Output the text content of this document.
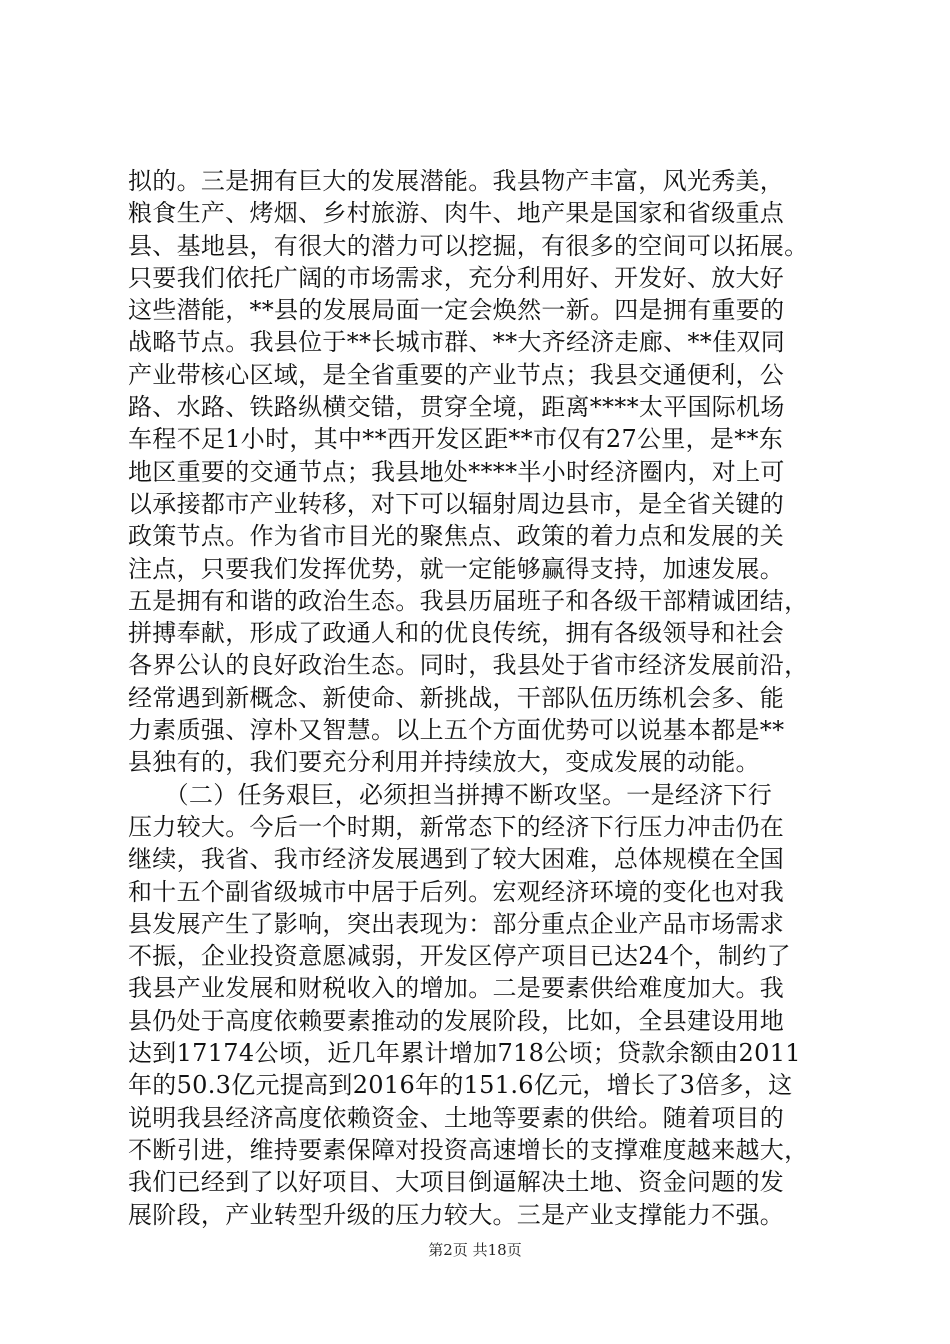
拟的。三是拥有巨大的发展潜能。我县物产丰富，风光秀美，
粮食生产、烤烟、乡村旅游、肉牛、地产果是国家和省级重点
县、基地县，有很大的潜力可以挖掘，有很多的空间可以拓展。
只要我们依托广阔的市场需求，充分利用好、开发好、放大好
这些潜能，**县的发展局面一定会焕然一新。四是拥有重要的
战略节点。我县位于**长城市群、**大齐经济走廊、**佳双同
产业带核心区域，是全省重要的产业节点；我县交通便利，公
路、水路、铁路纵横交错，贯穿全境，距离****太平国际机场
车程不足1小时，其中**西开发区距**市仅有27公里，是**东
地区重要的交通节点；我县地处****半小时经济圈内，对上可
以承接都市产业转移，对下可以辐射周边县市，是全省关键的
政策节点。作为省市目光的聚焦点、政策的着力点和发展的关
注点，只要我们发挥优势，就一定能够赢得支持，加速发展。
五是拥有和谐的政治生态。我县历届班子和各级干部精诚团结，
拼搏奉献，形成了政通人和的优良传统，拥有各级领导和社会
各界公认的良好政治生态。同时，我县处于省市经济发展前沿，
经常遇到新概念、新使命、新挑战，干部队伍历练机会多、能
力素质强、淳朴又智慧。以上五个方面优势可以说基本都是**
县独有的，我们要充分利用并持续放大，变成发展的动能。
　　（二）任务艰巨，必须担当拼搏不断攻坚。一是经济下行
压力较大。今后一个时期，新常态下的经济下行压力冲击仍在
继续，我省、我市经济发展遇到了较大困难，总体规模在全国
和十五个副省级城市中居于后列。宏观经济环境的变化也对我
县发展产生了影响，突出表现为：部分重点企业产品市场需求
不振，企业投资意愿减弱，开发区停产项目已达24个，制约了
我县产业发展和财税收入的增加。二是要素供给难度加大。我
县仍处于高度依赖要素推动的发展阶段，比如，全县建设用地
达到17174公顷，近几年累计增加718公顷；贷款余额由2011
年的50.3亿元提高到2016年的151.6亿元，增长了3倍多，这
说明我县经济高度依赖资金、土地等要素的供给。随着项目的
不断引进，维持要素保障对投资高速增长的支撑难度越来越大，
我们已经到了以好项目、大项目倒逼解决土地、资金问题的发
展阶段，产业转型升级的压力较大。三是产业支撑能力不强。
第2页 共18页
